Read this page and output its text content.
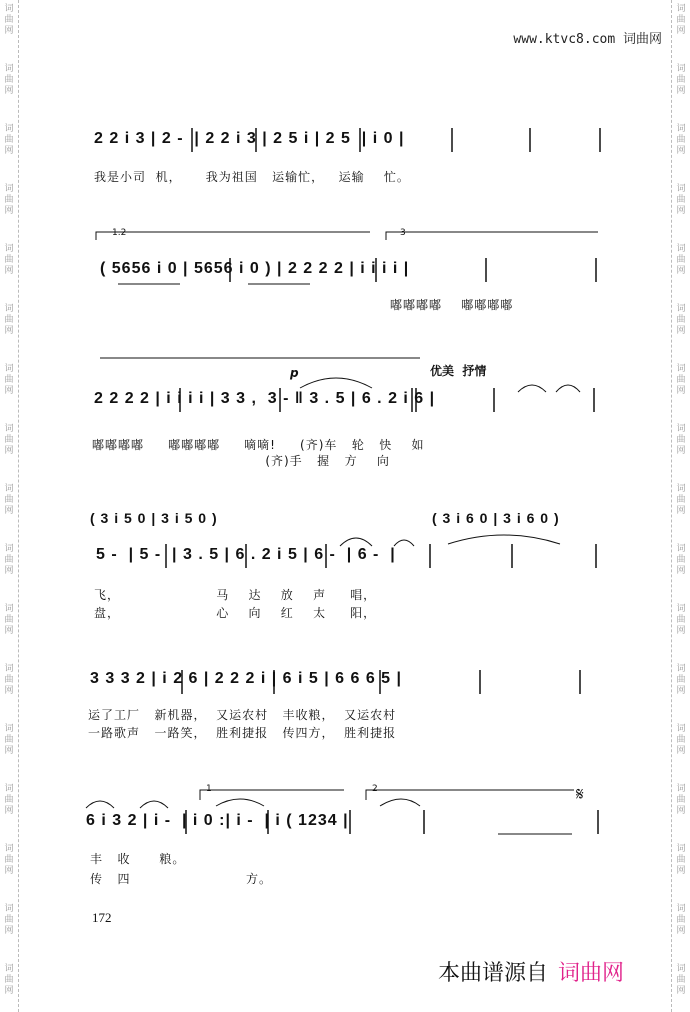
词
曲
网
词
曲
网
词
曲
网
词
曲
网
词
曲
网
词
曲
网
词
曲
网
词
曲
网
词
曲
网
词
曲
网
词
曲
网
词
曲
网
词
曲
网
词
曲
网
词
曲
网
词
曲
网
词
曲
网
词
曲
网
词
曲
网
词
曲
网
词
曲
网
词
曲
网
词
曲
网
词
曲
网
词
曲
网
词
曲
网
词
曲
网
词
曲
网
词
曲
网
词
曲
网
词
曲
网
词
曲
网
词
曲
网
词
曲
网
www.ktvc8.com 词曲网
2 2 i 3 | 2 -  | 2 2 i 3 | 2 5 i | 2 5  | i 0 |
我是小司  机，     我为祖国   运输忙，   运输    忙。
1.2	3
( 5656 i 0 | 5656 i 0 ) | 2 2 2 2 | i i i i |
嘟嘟嘟嘟    嘟嘟嘟嘟
p	优美  抒情
2 2 2 2 | i i i i | 3 3 ,  3 - ‖ 3 . 5 | 6 . 2 i 6 |
嘟嘟嘟嘟     嘟嘟嘟嘟     嘀嘀!     (齐)车   轮   快    如
(齐)手   握   方    向
( 3 i 5 0 | 3 i 5 0 )	( 3 i 6 0 | 3 i 6 0 )
5 -  | 5 -  | 3 . 5 | 6 . 2 i 5 | 6 -  | 6 -  |
飞，                    马    达    放    声     唱，
盘，                    心    向    红    太     阳，
3 3 3 2 | i 2 6 | 2 2 2 i | 6 i 5 | 6 6 6 5 |
运了工厂   新机器，  又运农村   丰收粮，  又运农村
一路歌声   一路笑，  胜利捷报   传四方，  胜利捷报
1	2	𝄋
6 i 3 2 | i -  | i 0 :| i -  | i ( 1234 |
丰   收      粮。
传   四                        方。
172
本曲谱源自 词曲网
